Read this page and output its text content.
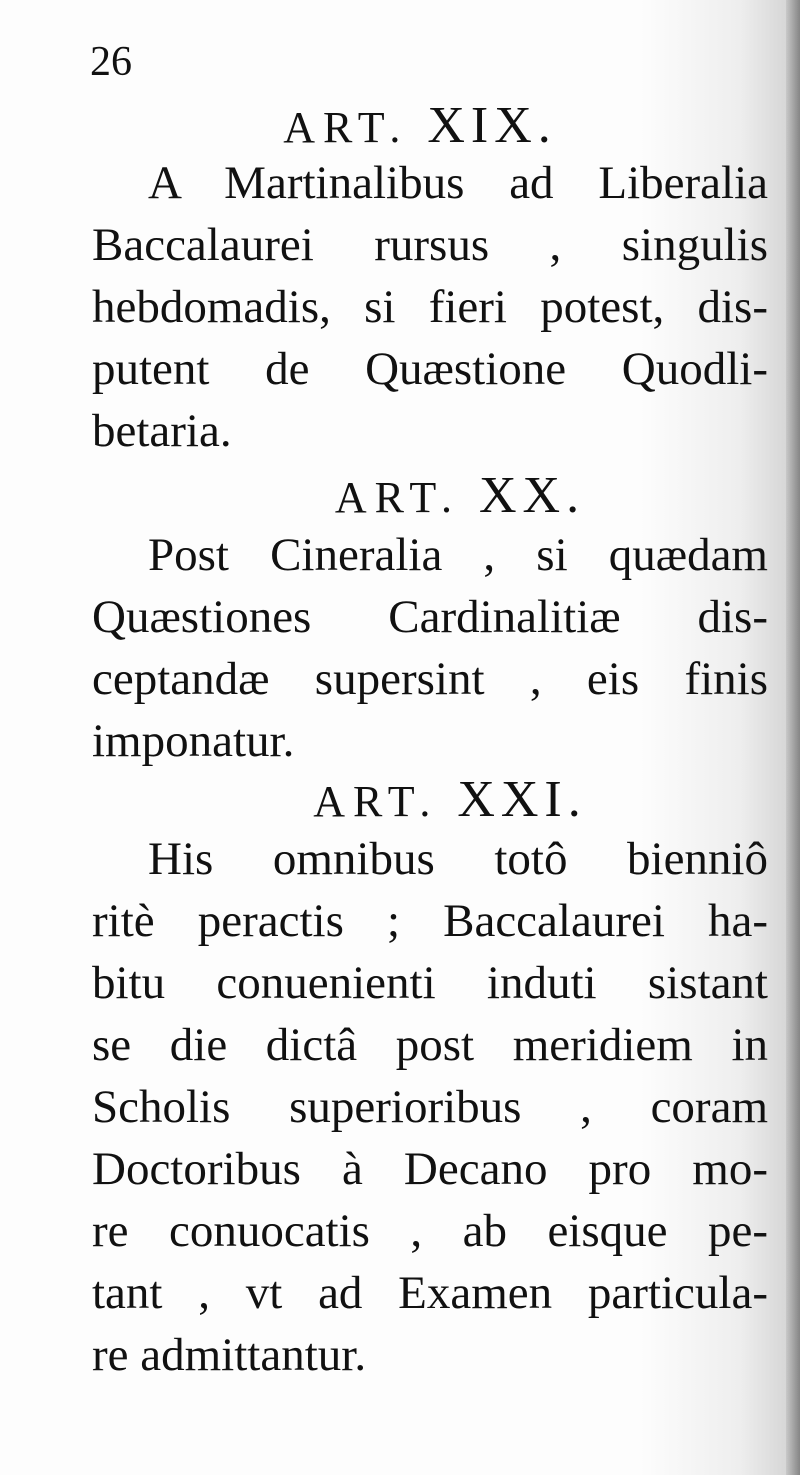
26
ART. XIX.
A Martinalibus ad Liberalia
Baccalaurei rursus , singulis
hebdomadis, si fieri potest, dis-
putent de Quæstione Quodli-
betaria.
ART. XX.
Post Cineralia , si quædam
Quæstiones Cardinalitiæ dis-
ceptandæ supersint , eis finis
imponatur.
ART. XXI.
His omnibus totô bienniô
ritè peractis ; Baccalaurei ha-
bitu conuenienti induti sistant
se die dictâ post meridiem in
Scholis superioribus , coram
Doctoribus à Decano pro mo-
re conuocatis , ab eisque pe-
tant , vt ad Examen particula-
re admittantur.
